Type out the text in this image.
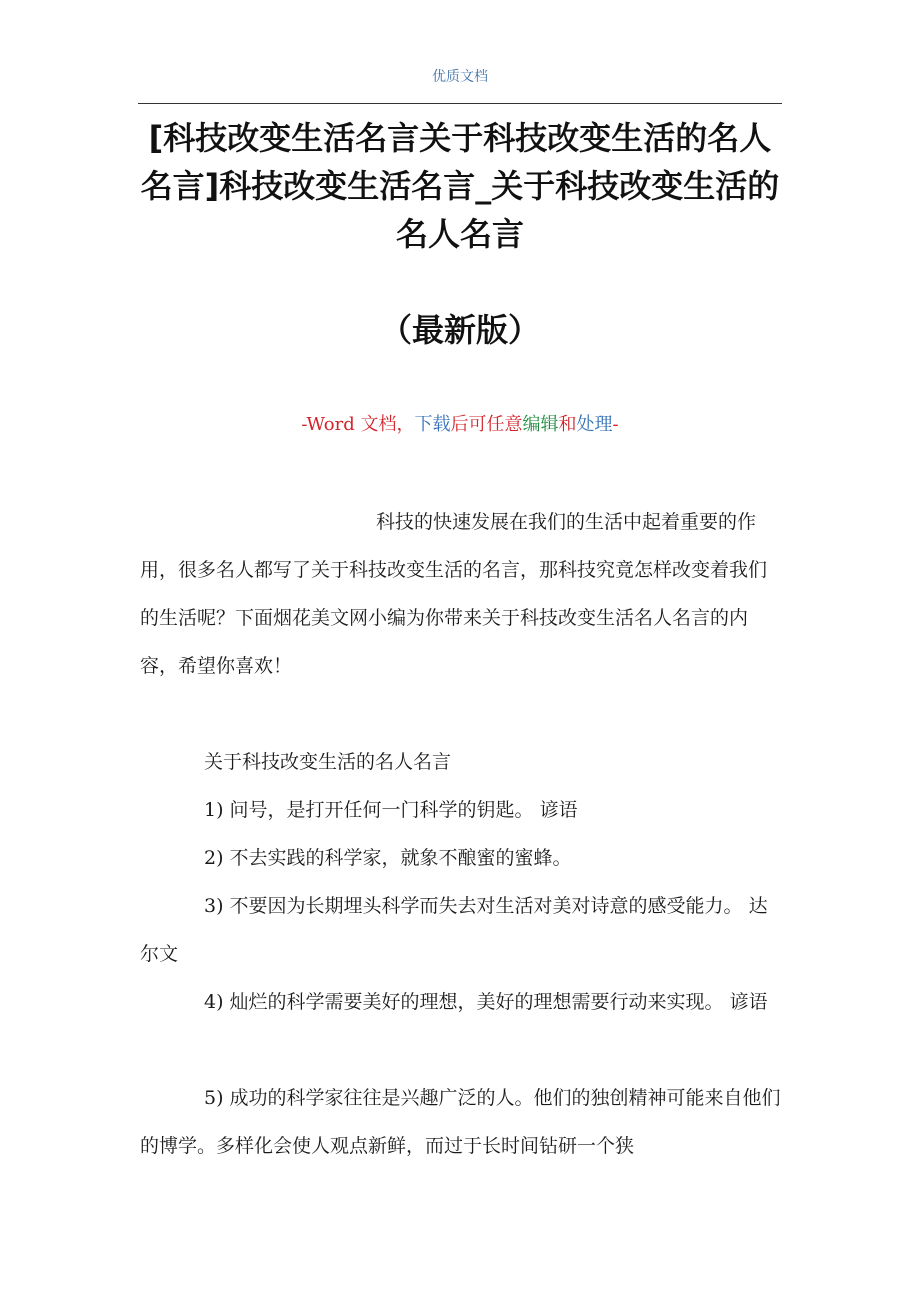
优质文档
[科技改变生活名言关于科技改变生活的名人名言]科技改变生活名言_关于科技改变生活的名人名言
（最新版）
-Word 文档，下载后可任意编辑和处理-
科技的快速发展在我们的生活中起着重要的作用，很多名人都写了关于科技改变生活的名言，那科技究竟怎样改变着我们的生活呢？下面烟花美文网小编为你带来关于科技改变生活名人名言的内容，希望你喜欢！
关于科技改变生活的名人名言
1) 问号，是打开任何一门科学的钥匙。 谚语
2) 不去实践的科学家，就象不酿蜜的蜜蜂。
3) 不要因为长期埋头科学而失去对生活对美对诗意的感受能力。 达尔文
4) 灿烂的科学需要美好的理想，美好的理想需要行动来实现。 谚语
5) 成功的科学家往往是兴趣广泛的人。他们的独创精神可能来自他们的博学。多样化会使人观点新鲜，而过于长时间钻研一个狭
